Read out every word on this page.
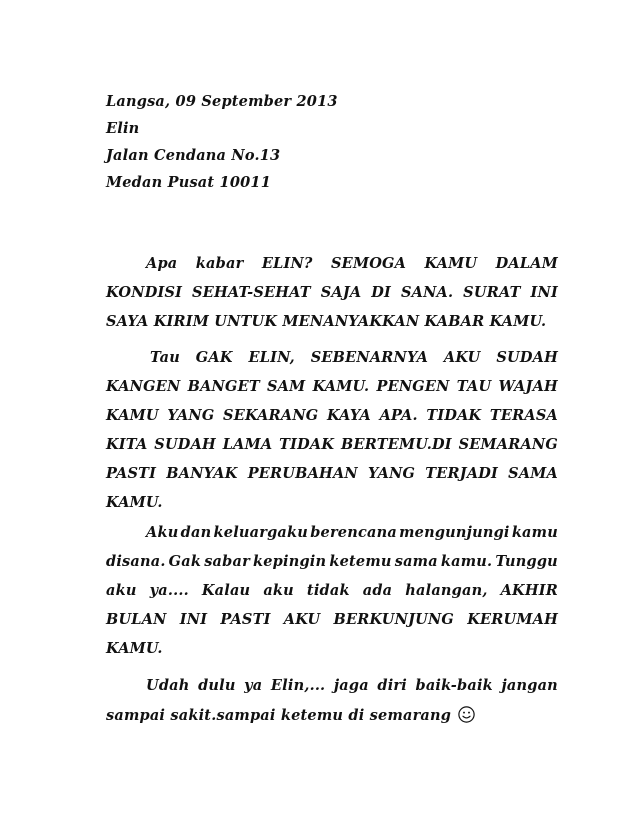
Langsa, 09 September 2013
Elin
Jalan Cendana No.13
Medan Pusat 10011
Apa kabar ELIN? SEMOGA KAMU DALAM
KONDISI SEHAT-SEHAT SAJA DI SANA. SURAT INI
SAYA KIRIM UNTUK MENANYAKKAN KABAR KAMU.
Tau GAK ELIN, SEBENARNYA AKU SUDAH
KANGEN BANGET SAM KAMU. PENGEN TAU WAJAH
KAMU YANG SEKARANG KAYA APA. TIDAK TERASA
KITA SUDAH LAMA TIDAK BERTEMU.DI SEMARANG
PASTI BANYAK PERUBAHAN YANG TERJADI SAMA
KAMU.
Aku dan keluargaku berencana mengunjungi kamu
disana. Gak sabar kepingin ketemu sama kamu. Tunggu
aku ya.... Kalau aku tidak ada halangan, AKHIR
BULAN INI PASTI AKU BERKUNJUNG KERUMAH
KAMU.
Udah dulu ya Elin,... jaga diri baik-baik jangan
sampai sakit.sampai ketemu di semarang
